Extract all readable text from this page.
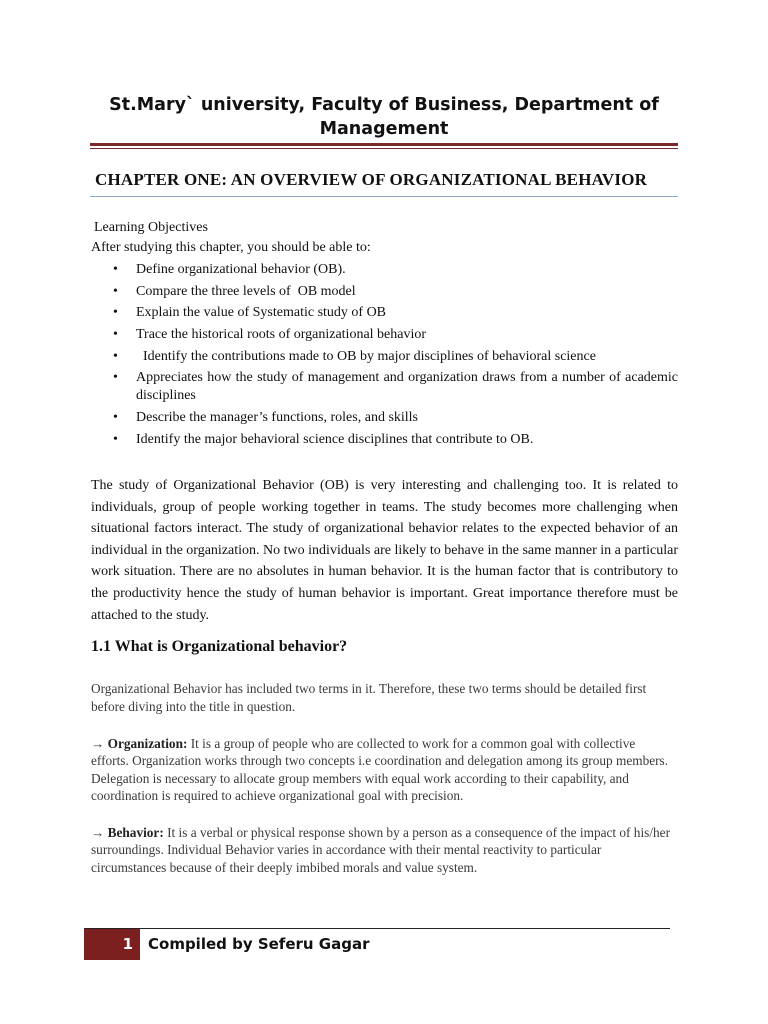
St.Mary` university, Faculty of Business, Department of Management
CHAPTER ONE: AN OVERVIEW OF ORGANIZATIONAL BEHAVIOR
Learning Objectives
After studying this chapter, you should be able to:
• Define organizational behavior (OB).
• Compare the three levels of  OB model
• Explain the value of Systematic study of OB
• Trace the historical roots of organizational behavior
• Identify the contributions made to OB by major disciplines of behavioral science
• Appreciates how the study of management and organization draws from a number of academic disciplines
• Describe the manager’s functions, roles, and skills
• Identify the major behavioral science disciplines that contribute to OB.

The study of Organizational Behavior (OB) is very interesting and challenging too. It is related to individuals, group of people working together in teams. The study becomes more challenging when situational factors interact. The study of organizational behavior relates to the expected behavior of an individual in the organization. No two individuals are likely to behave in the same manner in a particular work situation. There are no absolutes in human behavior. It is the human factor that is contributory to the productivity hence the study of human behavior is important. Great importance therefore must be attached to the study.

1.1 What is Organizational behavior?

Organizational Behavior has included two terms in it. Therefore, these two terms should be detailed first before diving into the title in question.

→ Organization: It is a group of people who are collected to work for a common goal with collective efforts. Organization works through two concepts i.e coordination and delegation among its group members. Delegation is necessary to allocate group members with equal work according to their capability, and coordination is required to achieve organizational goal with precision.
→ Behavior: It is a verbal or physical response shown by a person as a consequence of the impact of his/her surroundings. Individual Behavior varies in accordance with their mental reactivity to particular circumstances because of their deeply imbibed morals and value system.
1	Compiled by Seferu Gagar
